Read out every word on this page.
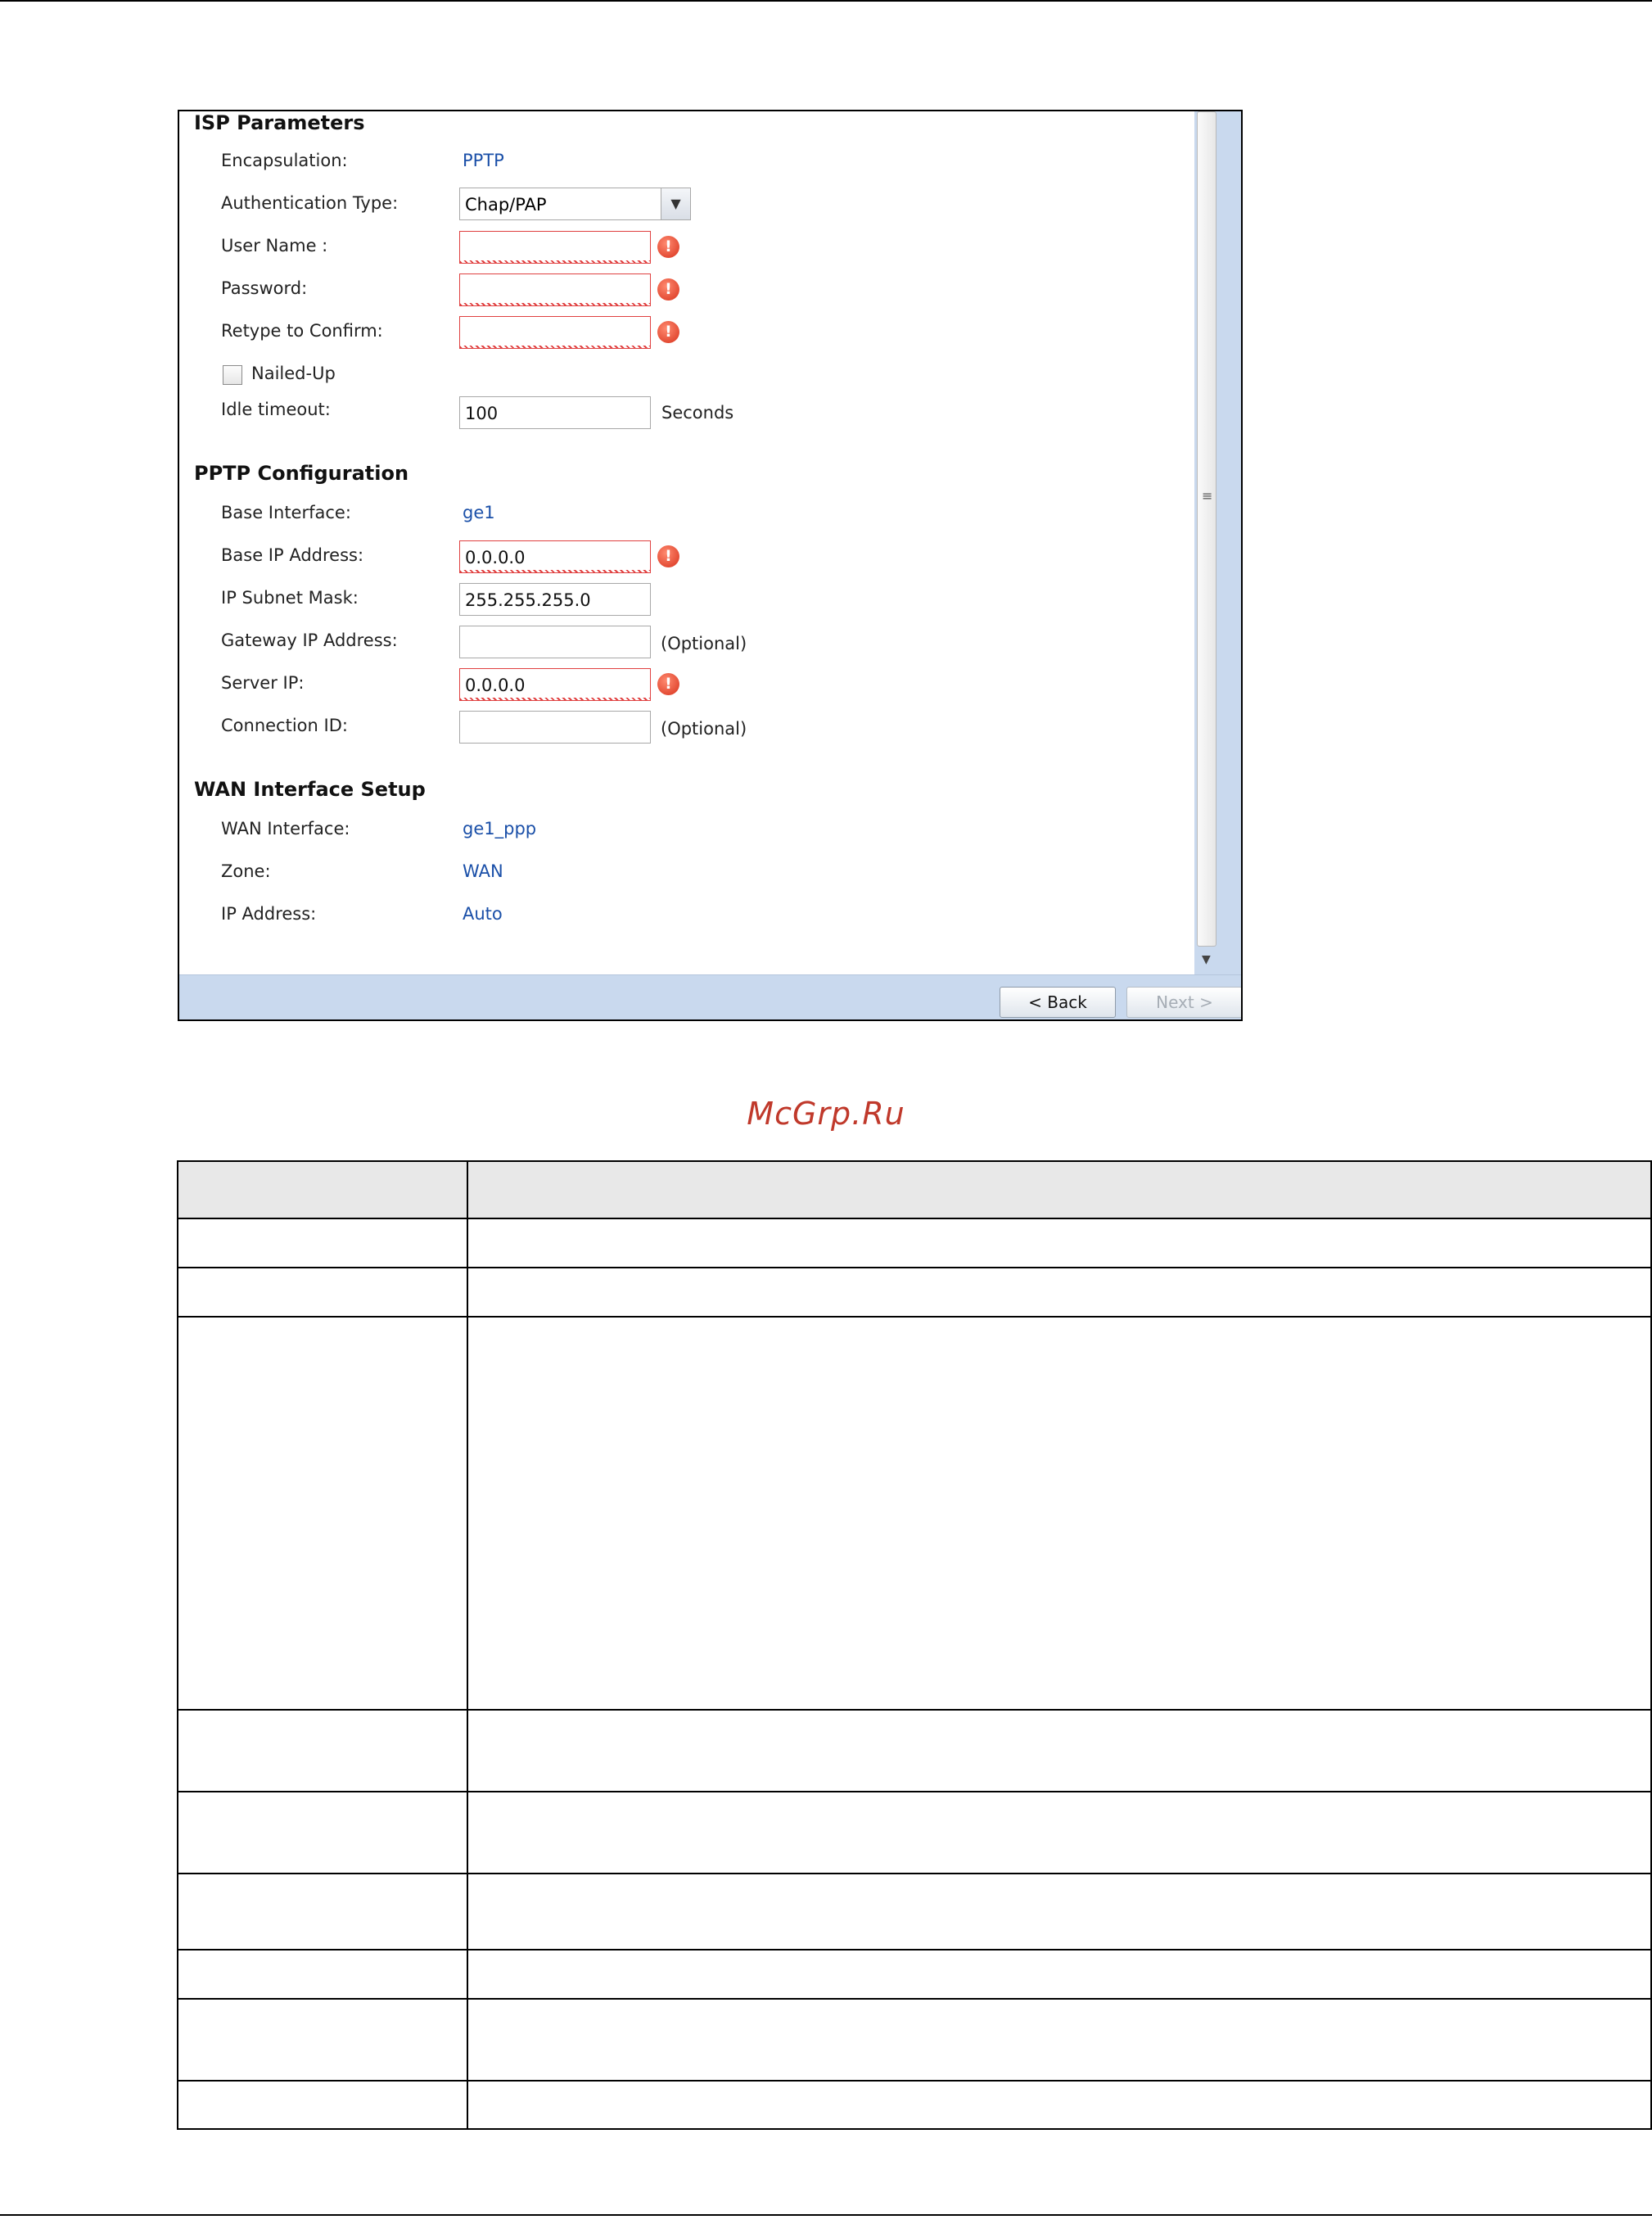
ISP Parameters
Encapsulation:	PPTP
Authentication Type:	Chap/PAP	▼
User Name :	!
Password:	!
Retype to Confirm:	!
Nailed-Up
Idle timeout:	100	Seconds
PPTP Configuration
Base Interface:	ge1
Base IP Address:	0.0.0.0	!
IP Subnet Mask:	255.255.255.0
Gateway IP Address:	(Optional)
Server IP:	0.0.0.0	!
Connection ID:	(Optional)
WAN Interface Setup
WAN Interface:	ge1_ppp
Zone:	WAN
IP Address:	Auto
≡
▼
< Back	Next >
McGrp.Ru
